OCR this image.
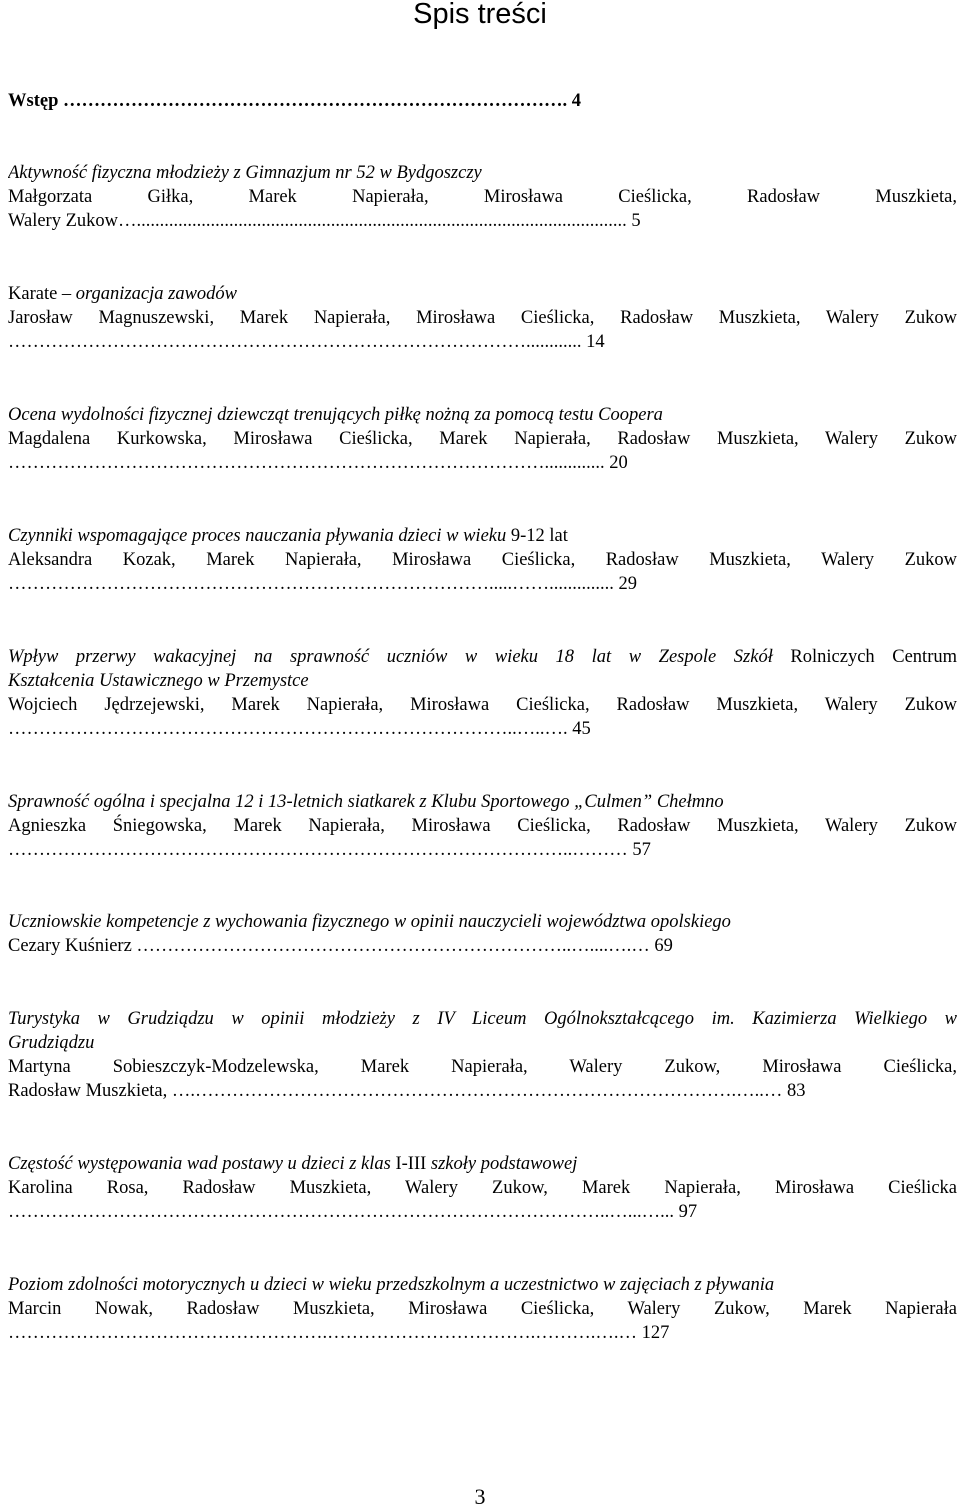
Spis treści
Wstęp ………………………………………………………………………. 4
Aktywność fizyczna młodzieży z Gimnazjum nr 52 w Bydgoszczy
Małgorzata Giłka, Marek Napierała, Mirosława Cieślicka, Radosław Muszkieta,
Walery Zukow….......................................................................................................... 5
Karate – organizacja zawodów
Jarosław Magnuszewski, Marek Napierała, Mirosława Cieślicka, Radosław Muszkieta, Walery Zukow
…………………………………………………………………………............ 14
Ocena wydolności fizycznej dziewcząt trenujących piłkę nożną za pomocą testu Coopera
Magdalena Kurkowska, Mirosława Cieślicka, Marek Napierała, Radosław Muszkieta, Walery Zukow
……………………………………………………………………………............. 20
Czynniki wspomagające proces nauczania pływania dzieci w wieku 9-12 lat
Aleksandra Kozak, Marek Napierała, Mirosława Cieślicka, Radosław Muszkieta, Walery Zukow
…………………………………………………………………….....…….............. 29
Wpływ przerwy wakacyjnej na sprawność uczniów w wieku 18 lat w Zespole Szkół Rolniczych Centrum
Kształcenia Ustawicznego w Przemystce
Wojciech Jędrzejewski, Marek Napierała, Mirosława Cieślicka, Radosław Muszkieta, Walery Zukow
………………………………………………………………………..…..…. 45
Sprawność ogólna i specjalna 12 i 13-letnich siatkarek z Klubu Sportowego „Culmen” Chełmno
Agnieszka Śniegowska, Marek Napierała, Mirosława Cieślicka, Radosław Muszkieta, Walery Zukow
………………………………………………………………………………..……… 57
Uczniowskie kompetencje z wychowania fizycznego w opinii nauczycieli województwa opolskiego
Cezary Kuśnierz ……………………………………………………………..…....….… 69
Turystyka w Grudziądzu w opinii młodzieży z IV Liceum Ogólnokształcącego im. Kazimierza Wielkiego w
Grudziądzu
Martyna Sobieszczyk-Modzelewska, Marek Napierała, Walery Zukow, Mirosława Cieślicka,
Radosław Muszkieta, ….…………………………………………………………………………….…..… 83
Częstość występowania wad postawy u dzieci z klas I-III szkoły podstawowej
Karolina Rosa, Radosław Muszkieta, Walery Zukow, Marek Napierała, Mirosława Cieślicka
……………………………………………………………………………………..…...…... 97
Poziom zdolności motorycznych u dzieci w wieku przedszkolnym a uczestnictwo w zajęciach z pływania
Marcin Nowak, Radosław Muszkieta, Mirosława Cieślicka, Walery Zukow, Marek Napierała
…………………………………………….…………………………….……….….… 127
3
